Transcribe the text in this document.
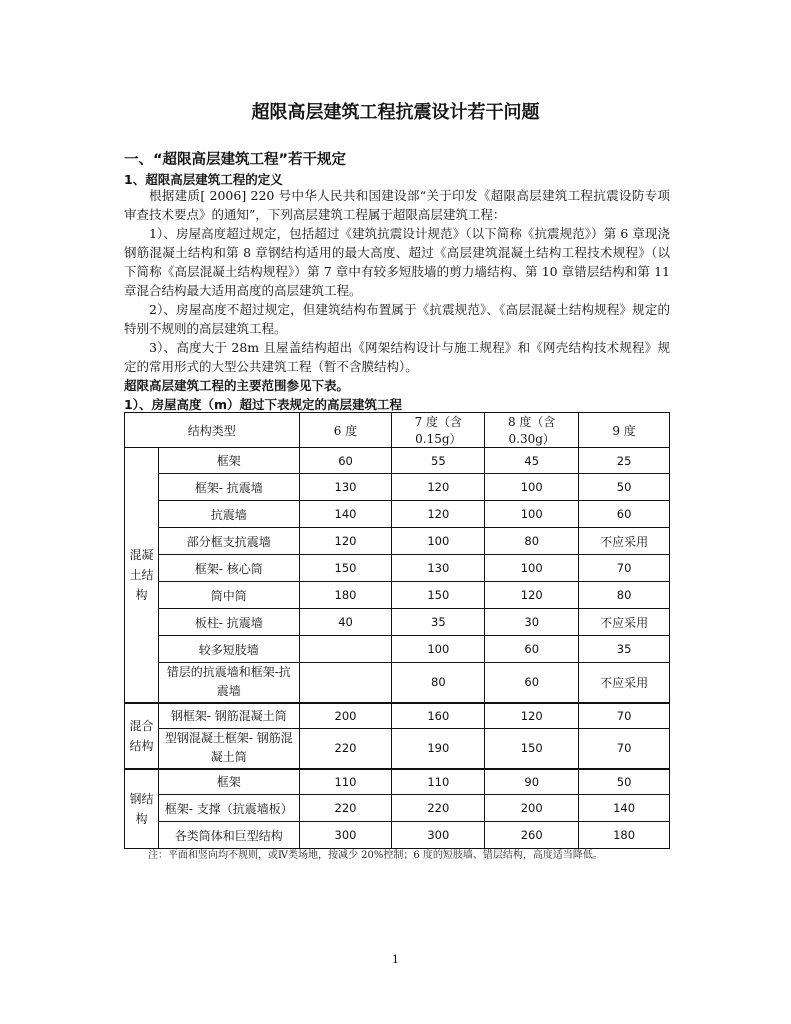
超限高层建筑工程抗震设计若干问题
一、“超限高层建筑工程”若干规定
1、超限高层建筑工程的定义

根据建质[ 2006] 220 号中华人民共和国建设部“关于印发《超限高层建筑工程抗震设防专项审查技术要点》的通知”，下列高层建筑工程属于超限高层建筑工程：

1）、房屋高度超过规定，包括超过《建筑抗震设计规范》（以下简称《抗震规范》）第 6 章现浇钢筋混凝土结构和第 8 章钢结构适用的最大高度、超过《高层建筑混凝土结构工程技术规程》（以下简称《高层混凝土结构规程》）第 7 章中有较多短肢墙的剪力墙结构、第 10 章错层结构和第 11 章混合结构最大适用高度的高层建筑工程。

2）、房屋高度不超过规定，但建筑结构布置属于《抗震规范》、《高层混凝土结构规程》规定的特别不规则的高层建筑工程。

3）、高度大于 28m 且屋盖结构超出《网架结构设计与施工规程》和《网壳结构技术规程》规定的常用形式的大型公共建筑工程（暂不含膜结构）。

超限高层建筑工程的主要范围参见下表。
1）、房屋高度（m）超过下表规定的高层建筑工程
结构类型		6 度	7 度（含 0.15g）	8 度（含 0.30g）	9 度
混凝土结构	框架	60	55	45	25
	框架- 抗震墙	130	120	100	50
	抗震墙	140	120	100	60
	部分框支抗震墙	120	100	80	不应采用
	框架- 核心筒	150	130	100	70
	筒中筒	180	150	120	80
	板柱- 抗震墙	40	35	30	不应采用
	较多短肢墙		100	60	35
	错层的抗震墙和框架-抗震墙		80	60	不应采用
混合结构	钢框架- 钢筋混凝土筒	200	160	120	70
	型钢混凝土框架- 钢筋混凝土筒	220	190	150	70
钢结构	框架	110	110	90	50
	框架- 支撑（抗震墙板）	220	220	200	140
	各类筒体和巨型结构	300	300	260	180
注：平面和竖向均不规则，或Ⅳ类场地，按减少 20%控制；6 度的短肢墙、错层结构，高度适当降低。
1
